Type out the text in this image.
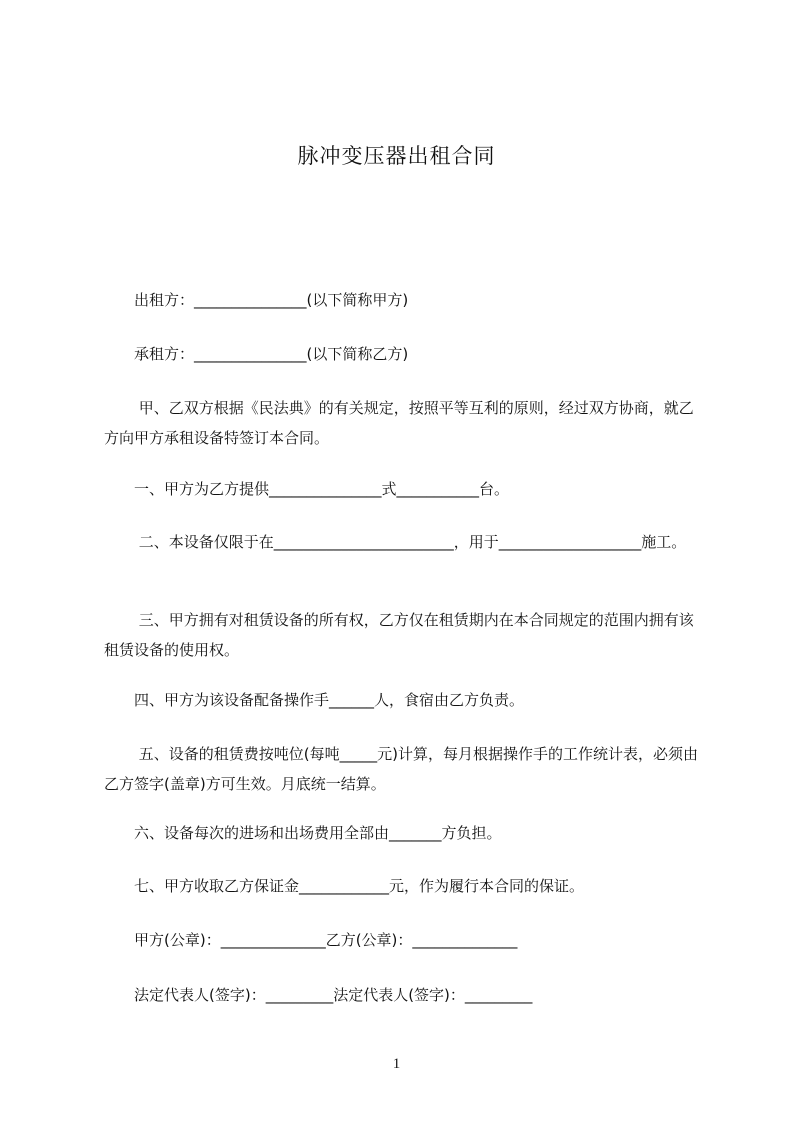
脉冲变压器出租合同
　　出租方：_______________(以下简称甲方)
　　承租方：_______________(以下简称乙方)
　　 甲、乙双方根据《民法典》的有关规定，按照平等互利的原则，经过双方协商，就乙方向甲方承租设备特签订本合同。
　　一、甲方为乙方提供_______________式___________台。
　　 二、本设备仅限于在________________________，用于___________________施工。
　　 三、甲方拥有对租赁设备的所有权，乙方仅在租赁期内在本合同规定的范围内拥有该租赁设备的使用权。
　　四、甲方为该设备配备操作手______人，食宿由乙方负责。
　　 五、设备的租赁费按吨位(每吨_____元)计算，每月根据操作手的工作统计表，必须由乙方签字(盖章)方可生效。月底统一结算。
　　六、设备每次的进场和出场费用全部由_______方负担。
　　七、甲方收取乙方保证金____________元，作为履行本合同的保证。
　　甲方(公章)：______________乙方(公章)：______________
　　法定代表人(签字)：_________法定代表人(签字)：_________
1
